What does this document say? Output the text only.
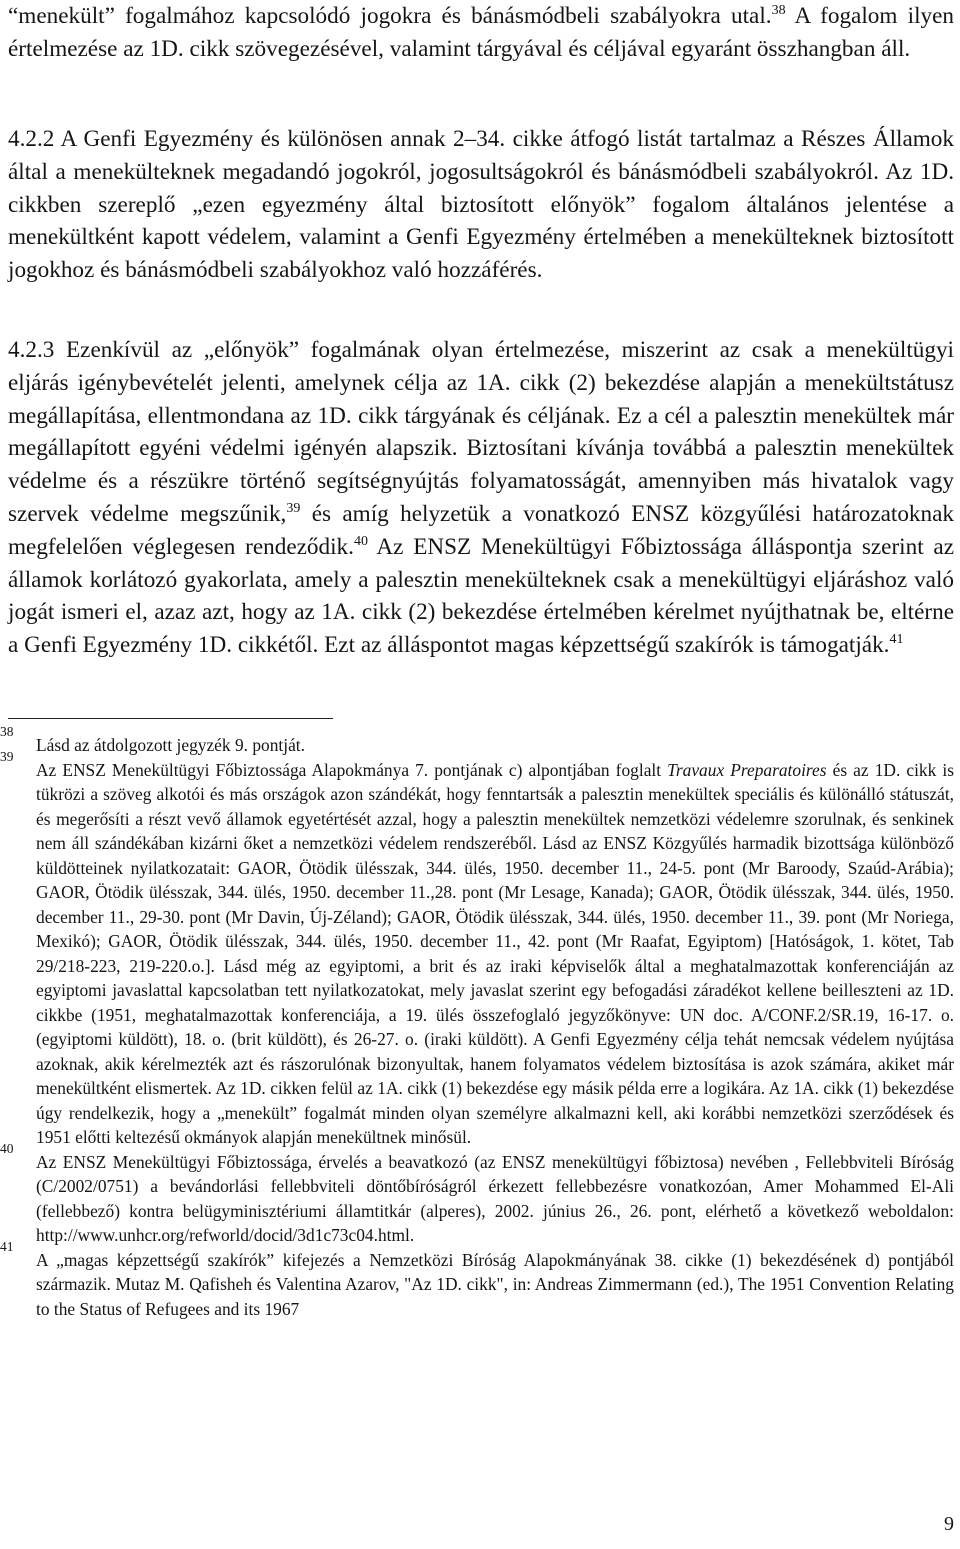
“menekült” fogalmához kapcsolódó jogokra és bánásmódbeli szabályokra utal.$^{38}$ A fogalom ilyen értelmezése az 1D. cikk szövegezésével, valamint tárgyával és céljával egyaránt összhangban áll.

4.2.2 A Genfi Egyezmény és különösen annak 2–34. cikke átfogó listát tartalmaz a Részes Államok által a menekülteknek megadandó jogokról, jogosultságokról és bánásmódbeli szabályokról. Az 1D. cikkben szereplő „ezen egyezmény által biztosított előnyök” fogalom általános jelentése a menekültként kapott védelem, valamint a Genfi Egyezmény értelmében a menekülteknek biztosított jogokhoz és bánásmódbeli szabályokhoz való hozzáférés.

4.2.3 Ezenkívül az „előnyök” fogalmának olyan értelmezése, miszerint az csak a menekültügyi eljárás igénybevételét jelenti, amelynek célja az 1A. cikk (2) bekezdése alapján a menekültstátusz megállapítása, ellentmondana az 1D. cikk tárgyának és céljának. Ez a cél a palesztin menekültek már megállapított egyéni védelmi igényén alapszik. Biztosítani kívánja továbbá a palesztin menekültek védelme és a részükre történő segítségnyújtás folyamatosságát, amennyiben más hivatalok vagy szervek védelme megszűnik,$^{39}$ és amíg helyzetük a vonatkozó ENSZ közgyűlési határozatoknak megfelelően véglegesen rendeződik.$^{40}$ Az ENSZ Menekültügyi Főbiztossága álláspontja szerint az államok korlátozó gyakorlata, amely a palesztin menekülteknek csak a menekültügyi eljáráshoz való jogát ismeri el, azaz azt, hogy az 1A. cikk (2) bekezdése értelmében kérelmet nyújthatnak be, eltérne a Genfi Egyezmény 1D. cikkétől. Ezt az álláspontot magas képzettségű szakírók is támogatják.$^{41}$

38
Lásd az átdolgozott jegyzék 9. pontját.

39
Az ENSZ Menekültügyi Főbiztossága Alapokmánya 7. pontjának c) alpontjában foglalt Travaux Preparatoires és az 1D. cikk is tükrözi a szöveg alkotói és más országok azon szándékát, hogy fenntartsák a palesztin menekültek speciális és különálló státuszát, és megerősíti a részt vevő államok egyetértését azzal, hogy a palesztin menekültek nemzetközi védelemre szorulnak, és senkinek nem áll szándékában kizárni őket a nemzetközi védelem rendszeréből. Lásd az ENSZ Közgyűlés harmadik bizottsága különböző küldötteinek nyilatkozatait: GAOR, Ötödik ülésszak, 344. ülés, 1950. december 11., 24-5. pont (Mr Baroody, Szaúd-Arábia); GAOR, Ötödik ülésszak, 344. ülés, 1950. december 11.,28. pont (Mr Lesage, Kanada); GAOR, Ötödik ülésszak, 344. ülés, 1950. december 11., 29-30. pont (Mr Davin, Új-Zéland); GAOR, Ötödik ülésszak, 344. ülés, 1950. december 11., 39. pont (Mr Noriega, Mexikó); GAOR, Ötödik ülésszak, 344. ülés, 1950. december 11., 42. pont (Mr Raafat, Egyiptom) [Hatóságok, 1. kötet, Tab 29/218-223, 219-220.o.]. Lásd még az egyiptomi, a brit és az iraki képviselők által a meghatalmazottak konferenciáján az egyiptomi javaslattal kapcsolatban tett nyilatkozatokat, mely javaslat szerint egy befogadási záradékot kellene beilleszteni az 1D. cikkbe (1951, meghatalmazottak konferenciája, a 19. ülés összefoglaló jegyzőkönyve: UN doc. A/CONF.2/SR.19, 16-17. o. (egyiptomi küldött), 18. o. (brit küldött), és 26-27. o. (iraki küldött). A Genfi Egyezmény célja tehát nemcsak védelem nyújtása azoknak, akik kérelmezték azt és rászorulónak bizonyultak, hanem folyamatos védelem biztosítása is azok számára, akiket már menekültként elismertek. Az 1D. cikken felül az 1A. cikk (1) bekezdése egy másik példa erre a logikára. Az 1A. cikk (1) bekezdése úgy rendelkezik, hogy a „menekült” fogalmát minden olyan személyre alkalmazni kell, aki korábbi nemzetközi szerződések és 1951 előtti keltezésű okmányok alapján menekültnek minősül.

40
Az ENSZ Menekültügyi Főbiztossága, érvelés a beavatkozó (az ENSZ menekültügyi főbiztosa) nevében , Fellebbviteli Bíróság (C/2002/0751) a bevándorlási fellebbviteli döntőbíróságról érkezett fellebbezésre vonatkozóan, Amer Mohammed El-Ali (fellebbező) kontra belügyminisztériumi államtitkár (alperes), 2002. június 26., 26. pont, elérhető a következő weboldalon: http://www.unhcr.org/refworld/docid/3d1c73c04.html.

41
A „magas képzettségű szakírók” kifejezés a Nemzetközi Bíróság Alapokmányának 38. cikke (1) bekezdésének d) pontjából származik. Mutaz M. Qafisheh és Valentina Azarov, "Az 1D. cikk", in: Andreas Zimmermann (ed.), The 1951 Convention Relating to the Status of Refugees and its 1967

9
